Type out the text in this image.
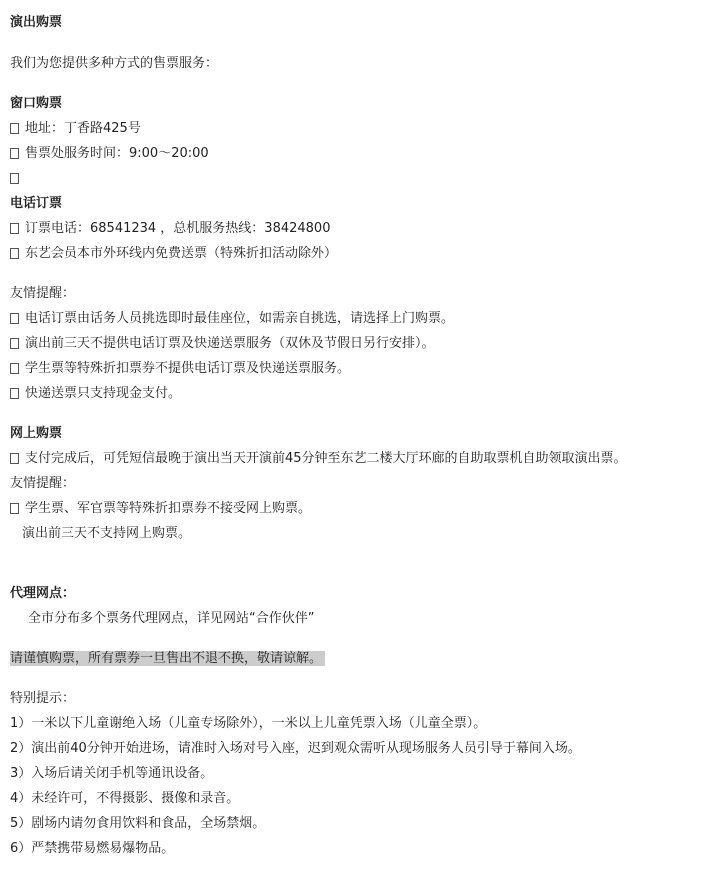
演出购票
我们为您提供多种方式的售票服务：
窗口购票
地址：丁香路425号
售票处服务时间：9:00～20:00
电话订票
订票电话：68541234 ，总机服务热线：38424800
东艺会员本市外环线内免费送票（特殊折扣活动除外）
友情提醒：
电话订票由话务人员挑选即时最佳座位，如需亲自挑选，请选择上门购票。
演出前三天不提供电话订票及快递送票服务（双休及节假日另行安排）。
学生票等特殊折扣票券不提供电话订票及快递送票服务。
快递送票只支持现金支付。
网上购票
支付完成后，可凭短信最晚于演出当天开演前45分钟至东艺二楼大厅环廊的自助取票机自助领取演出票。
友情提醒：
学生票、军官票等特殊折扣票券不接受网上购票。
演出前三天不支持网上购票。
代理网点：
全市分布多个票务代理网点，详见网站“合作伙伴”
请谨慎购票，所有票券一旦售出不退不换，敬请谅解。
特别提示：
1）一米以下儿童谢绝入场（儿童专场除外），一米以上儿童凭票入场（儿童全票）。
2）演出前40分钟开始进场，请准时入场对号入座，迟到观众需听从现场服务人员引导于幕间入场。
3）入场后请关闭手机等通讯设备。
4）未经许可，不得摄影、摄像和录音。
5）剧场内请勿食用饮料和食品，全场禁烟。
6）严禁携带易燃易爆物品。
